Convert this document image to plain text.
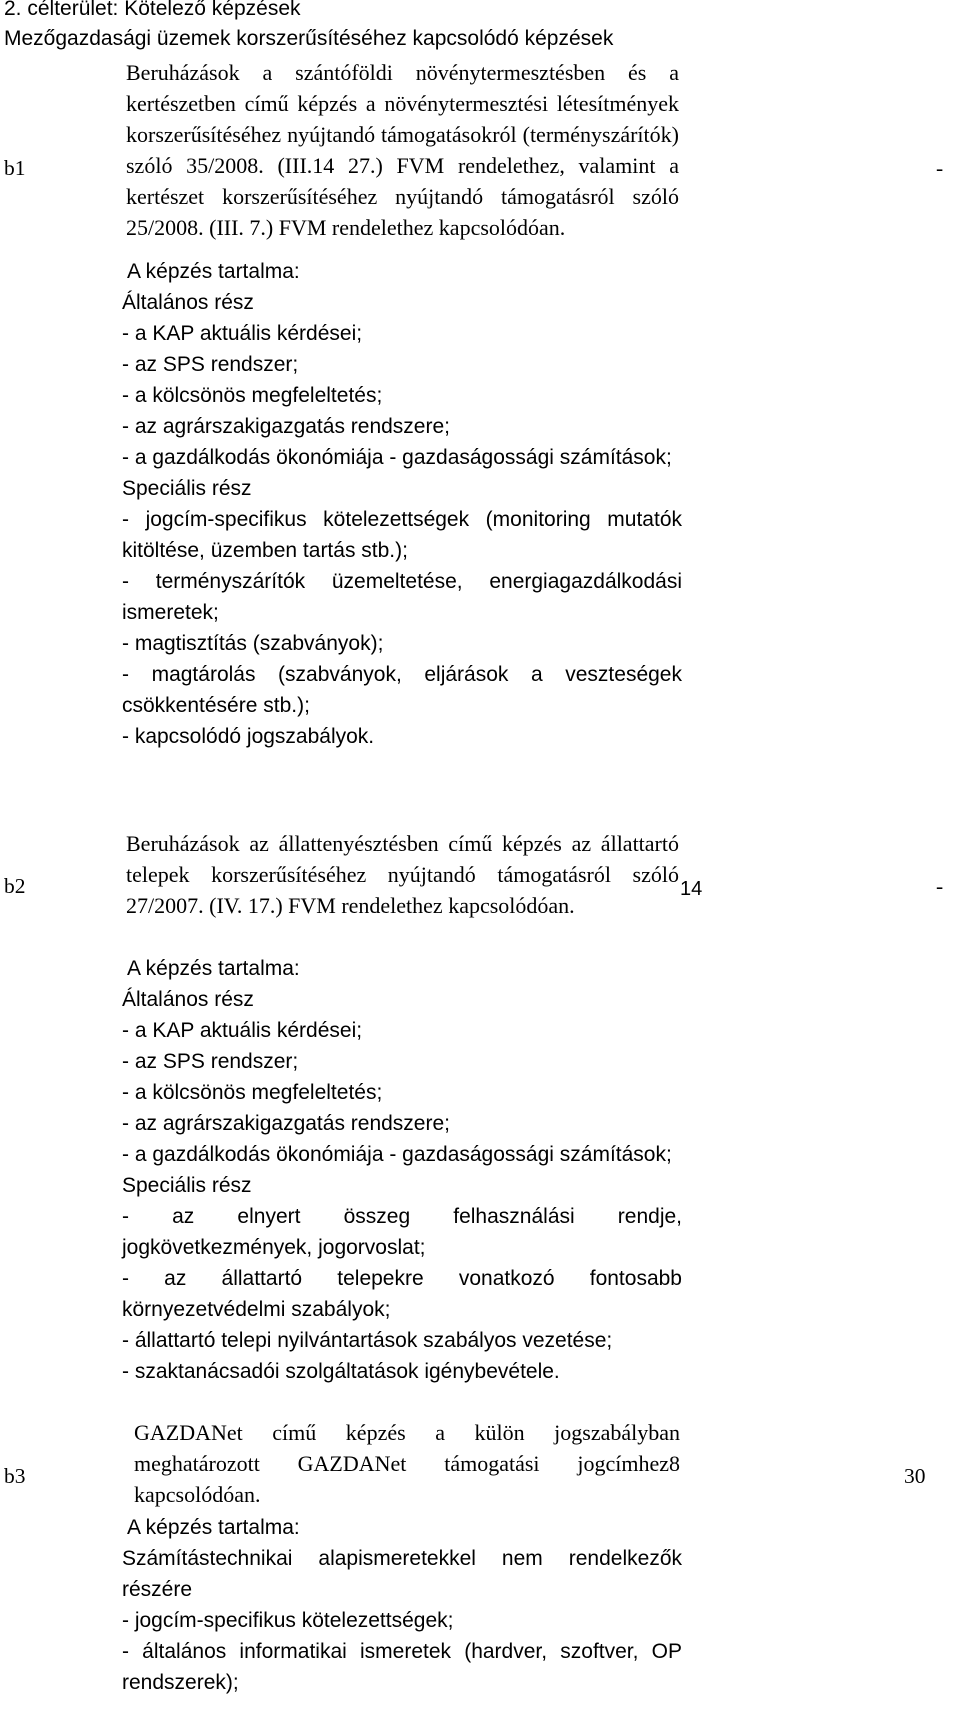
2. célterület: Kötelező képzések
Mezőgazdasági üzemek korszerűsítéséhez kapcsolódó képzések
b1
Beruházások a szántóföldi növénytermesztésben és a kertészetben című képzés a növénytermesztési létesítmények korszerűsítéséhez nyújtandó támogatásokról (terményszárítók) szóló 35/2008. (III.14 27.) FVM rendelethez, valamint a kertészet korszerűsítéséhez nyújtandó támogatásról szóló 25/2008. (III. 7.) FVM rendelethez kapcsolódóan.
A képzés tartalma:
Általános rész
- a KAP aktuális kérdései;
- az SPS rendszer;
- a kölcsönös megfeleltetés;
- az agrárszakigazgatás rendszere;
- a gazdálkodás ökonómiája - gazdaságossági számítások;
Speciális rész
- jogcím-specifikus kötelezettségek (monitoring mutatók kitöltése, üzemben tartás stb.);
- terményszárítók üzemeltetése, energiagazdálkodási ismeretek;
- magtisztítás (szabványok);
- magtárolás (szabványok, eljárások a veszteségek csökkentésére stb.);
- kapcsolódó jogszabályok.
-
b2
Beruházások az állattenyésztésben című képzés az állattartó telepek korszerűsítéséhez nyújtandó támogatásról szóló 27/2007. (IV. 17.) FVM rendelethez kapcsolódóan.
14
A képzés tartalma:
Általános rész
- a KAP aktuális kérdései;
- az SPS rendszer;
- a kölcsönös megfeleltetés;
- az agrárszakigazgatás rendszere;
- a gazdálkodás ökonómiája - gazdaságossági számítások;
Speciális rész
- az elnyert összeg felhasználási rendje, jogkövetkezmények, jogorvoslat;
- az állattartó telepekre vonatkozó fontosabb környezetvédelmi szabályok;
- állattartó telepi nyilvántartások szabályos vezetése;
- szaktanácsadói szolgáltatások igénybevétele.
-
b3
GAZDANet című képzés a külön jogszabályban meghatározott GAZDANet támogatási jogcímhez8 kapcsolódóan.
A képzés tartalma:
Számítástechnikai alapismeretekkel nem rendelkezők részére
- jogcím-specifikus kötelezettségek;
- általános informatikai ismeretek (hardver, szoftver, OP rendszerek);
30
